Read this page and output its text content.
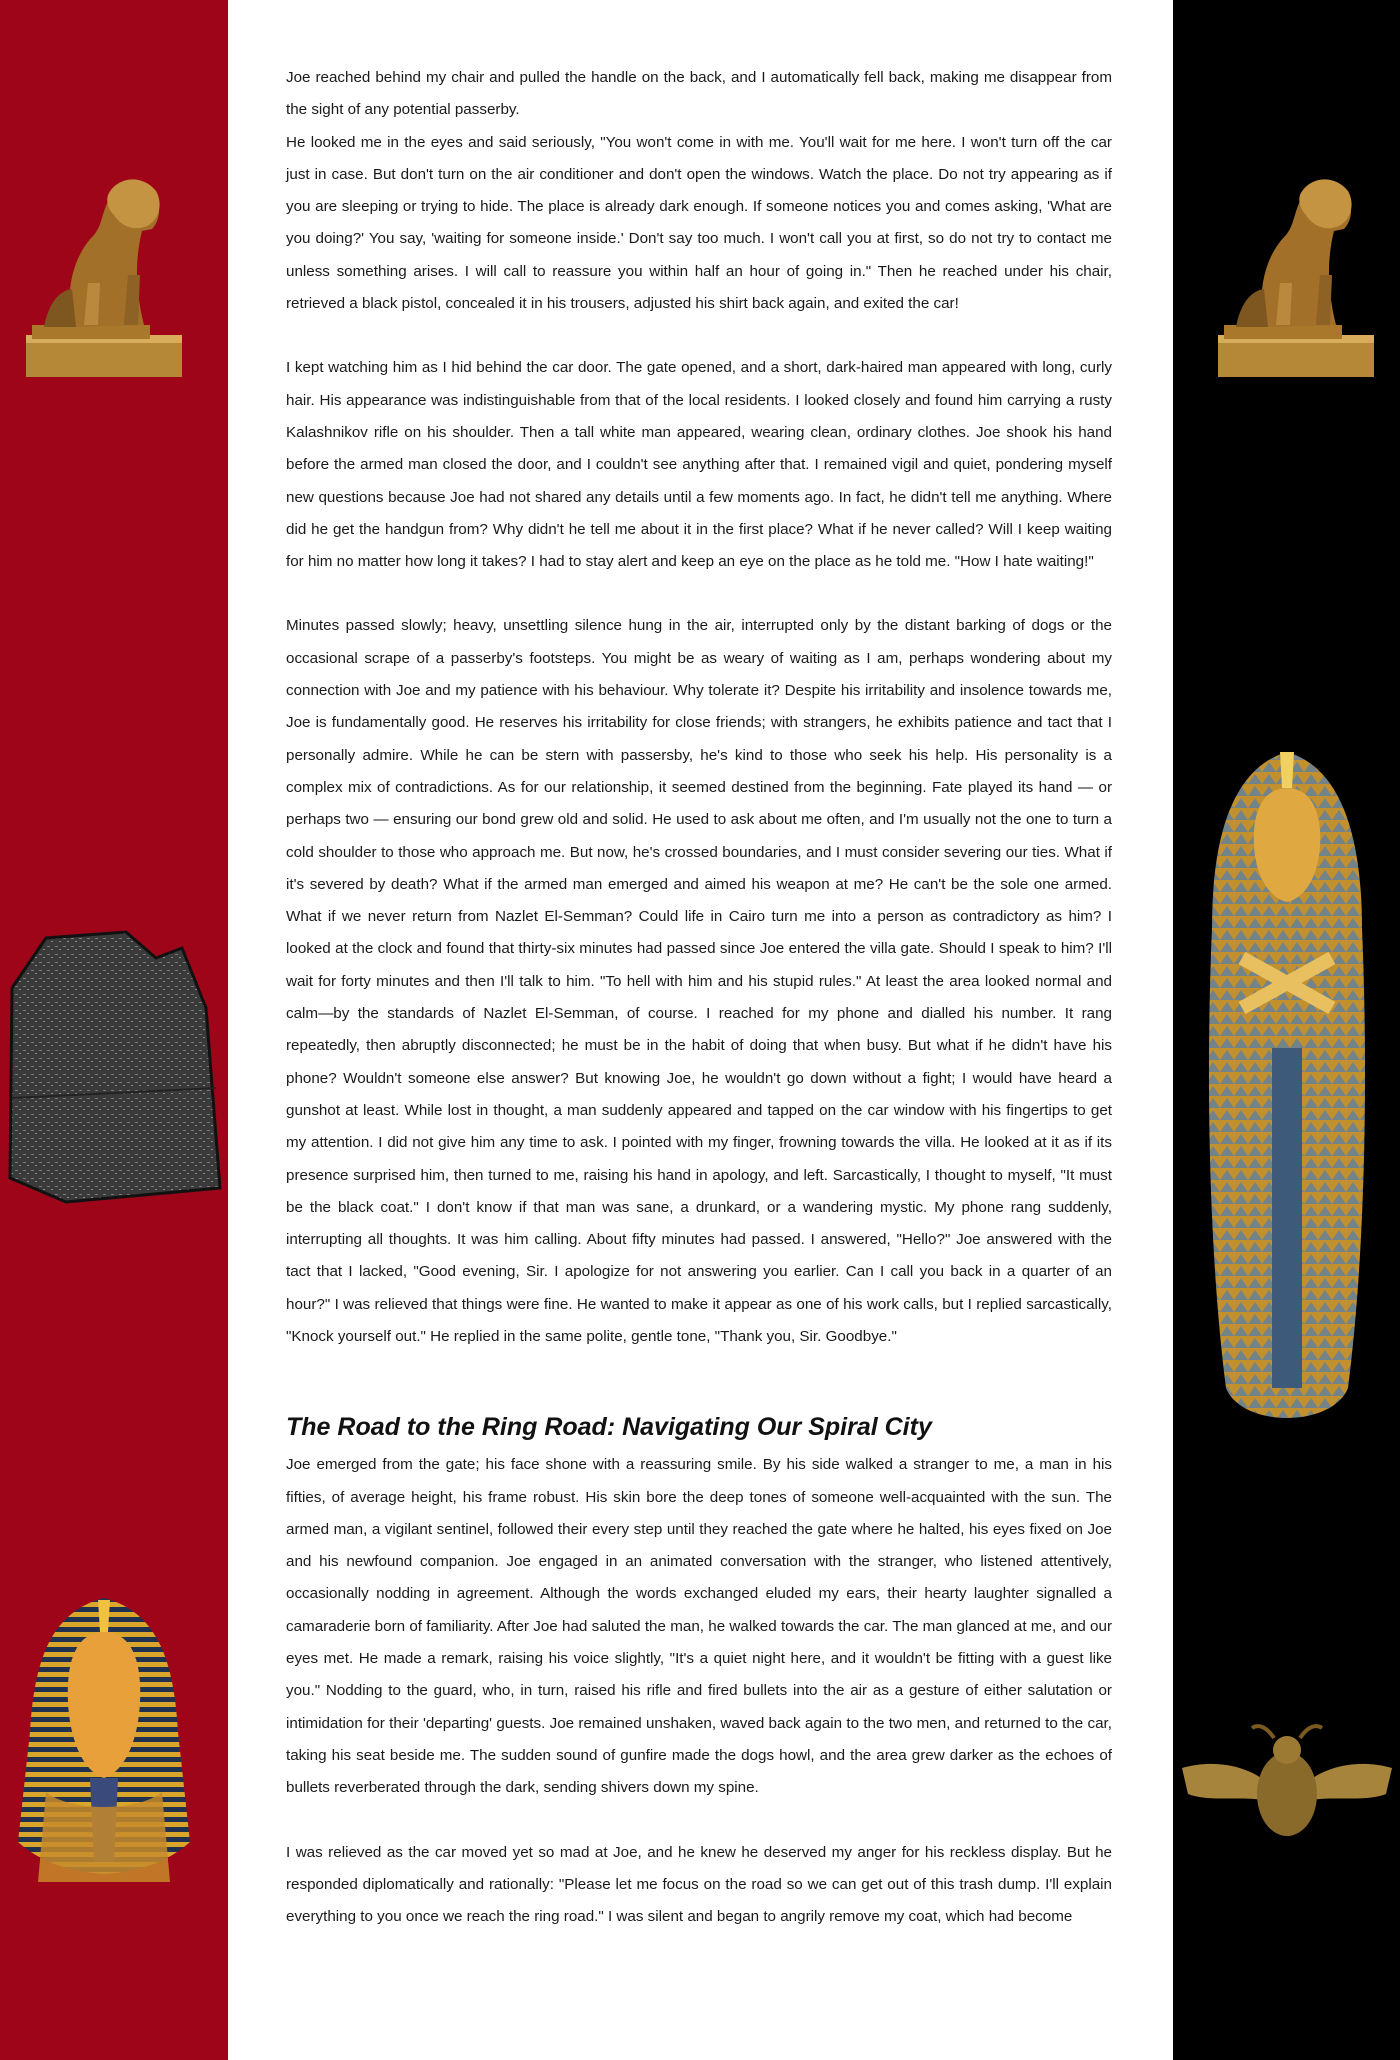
Joe reached behind my chair and pulled the handle on the back, and I automatically fell back, making me disappear from the sight of any potential passerby.

He looked me in the eyes and said seriously, "You won't come in with me. You'll wait for me here. I won't turn off the car just in case. But don't turn on the air conditioner and don't open the windows. Watch the place. Do not try appearing as if you are sleeping or trying to hide. The place is already dark enough. If someone notices you and comes asking, 'What are you doing?' You say, 'waiting for someone inside.' Don't say too much. I won't call you at first, so do not try to contact me unless something arises. I will call to reassure you within half an hour of going in." Then he reached under his chair, retrieved a black pistol, concealed it in his trousers, adjusted his shirt back again, and exited the car!

I kept watching him as I hid behind the car door. The gate opened, and a short, dark-haired man appeared with long, curly hair. His appearance was indistinguishable from that of the local residents. I looked closely and found him carrying a rusty Kalashnikov rifle on his shoulder. Then a tall white man appeared, wearing clean, ordinary clothes. Joe shook his hand before the armed man closed the door, and I couldn't see anything after that. I remained vigil and quiet, pondering myself new questions because Joe had not shared any details until a few moments ago. In fact, he didn't tell me anything. Where did he get the handgun from? Why didn't he tell me about it in the first place? What if he never called? Will I keep waiting for him no matter how long it takes? I had to stay alert and keep an eye on the place as he told me. "How I hate waiting!"

Minutes passed slowly; heavy, unsettling silence hung in the air, interrupted only by the distant barking of dogs or the occasional scrape of a passerby's footsteps. You might be as weary of waiting as I am, perhaps wondering about my connection with Joe and my patience with his behaviour. Why tolerate it? Despite his irritability and insolence towards me, Joe is fundamentally good. He reserves his irritability for close friends; with strangers, he exhibits patience and tact that I personally admire. While he can be stern with passersby, he's kind to those who seek his help. His personality is a complex mix of contradictions. As for our relationship, it seemed destined from the beginning. Fate played its hand — or perhaps two — ensuring our bond grew old and solid. He used to ask about me often, and I'm usually not the one to turn a cold shoulder to those who approach me. But now, he's crossed boundaries, and I must consider severing our ties. What if it's severed by death? What if the armed man emerged and aimed his weapon at me? He can't be the sole one armed. What if we never return from Nazlet El-Semman? Could life in Cairo turn me into a person as contradictory as him? I looked at the clock and found that thirty-six minutes had passed since Joe entered the villa gate. Should I speak to him? I'll wait for forty minutes and then I'll talk to him. "To hell with him and his stupid rules." At least the area looked normal and calm—by the standards of Nazlet El-Semman, of course. I reached for my phone and dialled his number. It rang repeatedly, then abruptly disconnected; he must be in the habit of doing that when busy. But what if he didn't have his phone? Wouldn't someone else answer? But knowing Joe, he wouldn't go down without a fight; I would have heard a gunshot at least. While lost in thought, a man suddenly appeared and tapped on the car window with his fingertips to get my attention. I did not give him any time to ask. I pointed with my finger, frowning towards the villa. He looked at it as if its presence surprised him, then turned to me, raising his hand in apology, and left. Sarcastically, I thought to myself, "It must be the black coat." I don't know if that man was sane, a drunkard, or a wandering mystic. My phone rang suddenly, interrupting all thoughts. It was him calling. About fifty minutes had passed. I answered, "Hello?" Joe answered with the tact that I lacked, "Good evening, Sir. I apologize for not answering you earlier. Can I call you back in a quarter of an hour?" I was relieved that things were fine. He wanted to make it appear as one of his work calls, but I replied sarcastically, "Knock yourself out." He replied in the same polite, gentle tone, "Thank you, Sir. Goodbye."

The Road to the Ring Road: Navigating Our Spiral City

Joe emerged from the gate; his face shone with a reassuring smile. By his side walked a stranger to me, a man in his fifties, of average height, his frame robust. His skin bore the deep tones of someone well-acquainted with the sun. The armed man, a vigilant sentinel, followed their every step until they reached the gate where he halted, his eyes fixed on Joe and his newfound companion. Joe engaged in an animated conversation with the stranger, who listened attentively, occasionally nodding in agreement. Although the words exchanged eluded my ears, their hearty laughter signalled a camaraderie born of familiarity. After Joe had saluted the man, he walked towards the car. The man glanced at me, and our eyes met. He made a remark, raising his voice slightly, "It's a quiet night here, and it wouldn't be fitting with a guest like you." Nodding to the guard, who, in turn, raised his rifle and fired bullets into the air as a gesture of either salutation or intimidation for their 'departing' guests. Joe remained unshaken, waved back again to the two men, and returned to the car, taking his seat beside me. The sudden sound of gunfire made the dogs howl, and the area grew darker as the echoes of bullets reverberated through the dark, sending shivers down my spine.

I was relieved as the car moved yet so mad at Joe, and he knew he deserved my anger for his reckless display. But he responded diplomatically and rationally: "Please let me focus on the road so we can get out of this trash dump. I'll explain everything to you once we reach the ring road." I was silent and began to angrily remove my coat, which had become
